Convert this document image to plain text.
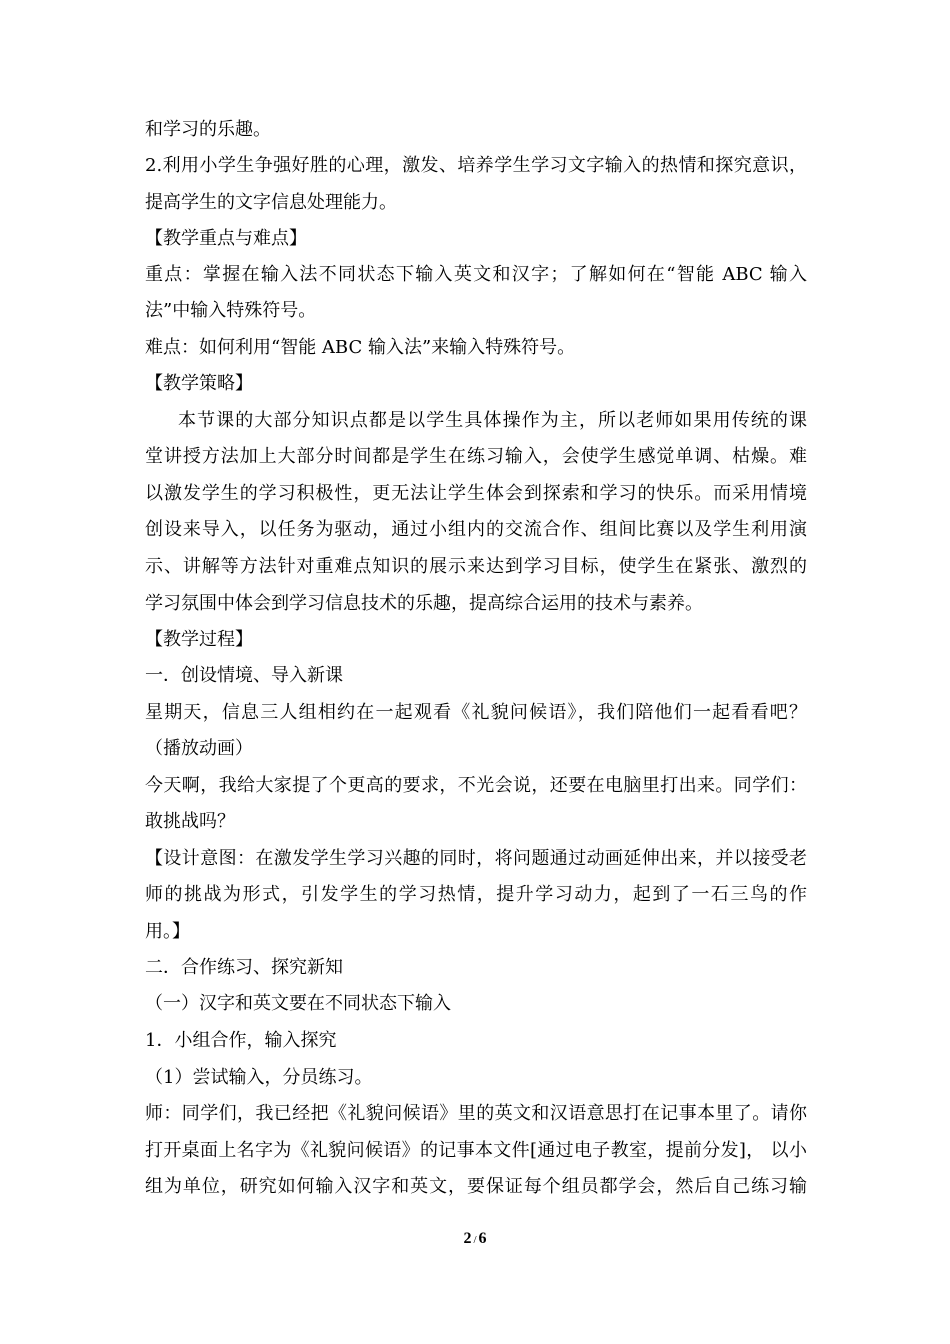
和学习的乐趣。
2.利用小学生争强好胜的心理，激发、培养学生学习文字输入的热情和探究意识，
提高学生的文字信息处理能力。
【教学重点与难点】
重点：掌握在输入法不同状态下输入英文和汉字；了解如何在“智能 ABC 输入
法”中输入特殊符号。
难点：如何利用“智能 ABC 输入法”来输入特殊符号。
【教学策略】
本节课的大部分知识点都是以学生具体操作为主，所以老师如果用传统的课
堂讲授方法加上大部分时间都是学生在练习输入，会使学生感觉单调、枯燥。难
以激发学生的学习积极性，更无法让学生体会到探索和学习的快乐。而采用情境
创设来导入，以任务为驱动，通过小组内的交流合作、组间比赛以及学生利用演
示、讲解等方法针对重难点知识的展示来达到学习目标，使学生在紧张、激烈的
学习氛围中体会到学习信息技术的乐趣，提高综合运用的技术与素养。
【教学过程】
一．创设情境、导入新课
星期天，信息三人组相约在一起观看《礼貌问候语》，我们陪他们一起看看吧？
（播放动画）
今天啊，我给大家提了个更高的要求，不光会说，还要在电脑里打出来。同学们：
敢挑战吗？
【设计意图：在激发学生学习兴趣的同时，将问题通过动画延伸出来，并以接受老
师的挑战为形式，引发学生的学习热情，提升学习动力，起到了一石三鸟的作
用。】
二．合作练习、探究新知
（一）汉字和英文要在不同状态下输入
1．小组合作，输入探究
（1）尝试输入，分员练习。
师：同学们，我已经把《礼貌问候语》里的英文和汉语意思打在记事本里了。请你
打开桌面上名字为《礼貌问候语》的记事本文件[通过电子教室，提前分发]， 以小
组为单位，研究如何输入汉字和英文，要保证每个组员都学会，然后自己练习输
2 / 6
